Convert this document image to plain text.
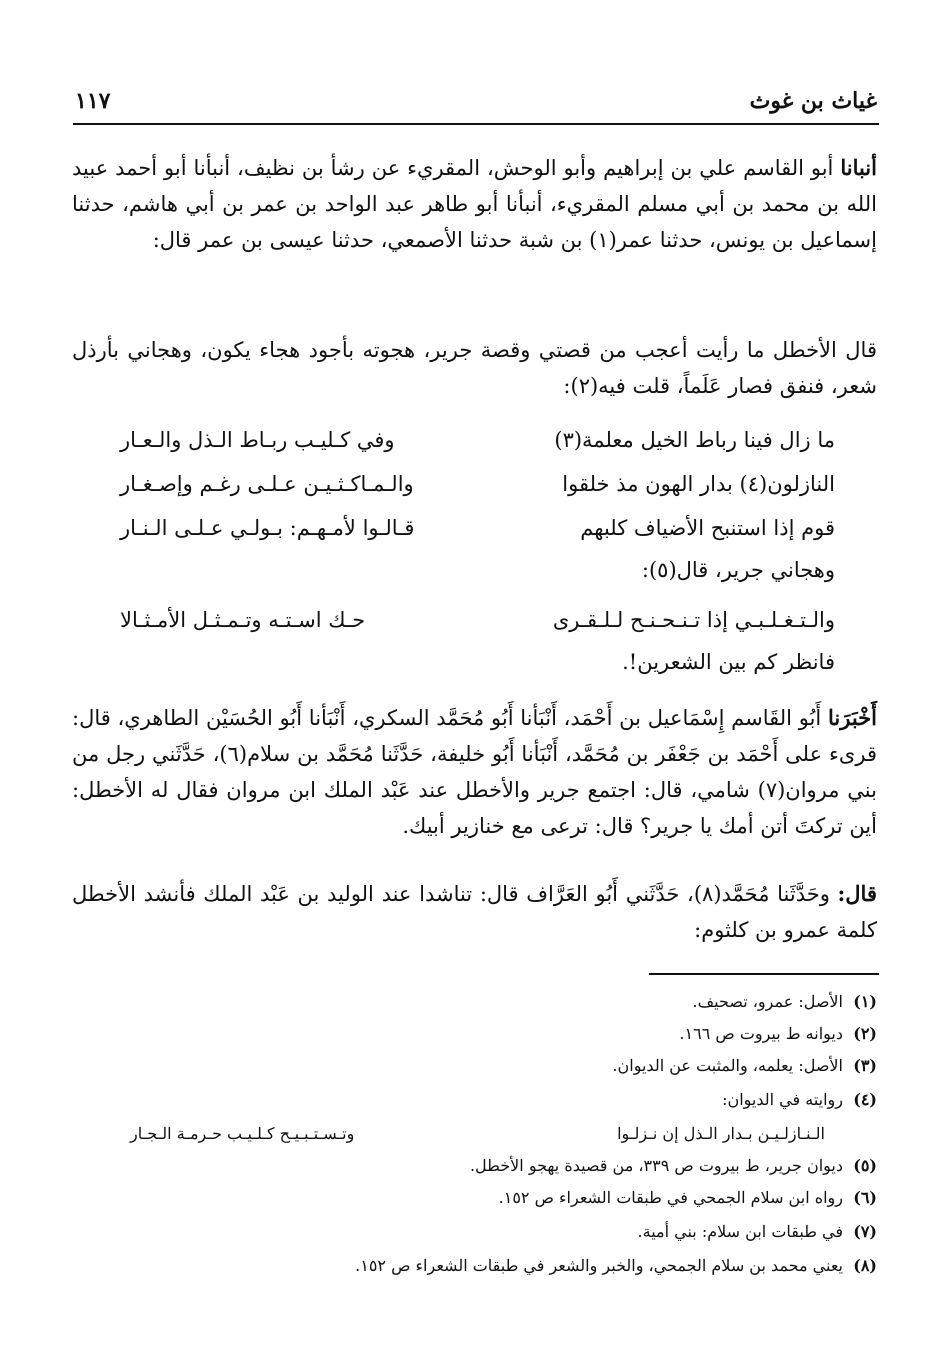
غياث بن غوث
١١٧

أنبانا أبو القاسم علي بن إبراهيم وأبو الوحش، المقريء عن رشأ بن نظيف، أنبأنا أبو أحمد عبيد الله بن محمد بن أبي مسلم المقريء، أنبأنا أبو طاهر عبد الواحد بن عمر بن أبي هاشم، حدثنا إسماعيل بن يونس، حدثنا عمر(١) بن شبة حدثنا الأصمعي، حدثنا عيسى بن عمر قال:

قال الأخطل ما رأيت أعجب من قصتي وقصة جرير، هجوته بأجود هجاء يكون، وهجاني بأرذل شعر، فنفق فصار عَلَماً، قلت فيه(٢):

ما زال فينا رباط الخيل معلمة(٣)
وفي كـليـب ربـاط الـذل والـعـار
النازلون(٤) بدار الهون مذ خلقوا
والـمـاكـثـيـن عـلـى رغـم وإصـغـار
قوم إذا استنبح الأضياف كلبهم
قـالـوا لأمـهـم: بـولـي عـلـى الـنـار
وهجاني جرير، قال(٥):
والـتـغـلـبـي إذا تـنـحـنـح لـلـقـرى
حـك اسـتـه وتـمـثـل الأمـثـالا
فانظر كم بين الشعرين!.

أَخْبَرَنا أَبُو القَاسم إِسْمَاعيل بن أَحْمَد، أَنْبَأنا أَبُو مُحَمَّد السكري، أَنْبَأنا أَبُو الحُسَيْن الطاهري، قال: قرىء على أَحْمَد بن جَعْفَر بن مُحَمَّد، أَنْبَأنا أَبُو خليفة، حَدَّثَنا مُحَمَّد بن سلام(٦)، حَدَّثَني رجل من بني مروان(٧) شامي، قال: اجتمع جرير والأخطل عند عَبْد الملك ابن مروان فقال له الأخطل: أين تركتَ أتن أمك يا جرير؟ قال: ترعى مع خنازير أبيك.

قال: وحَدَّثَنا مُحَمَّد(٨)، حَدَّثَني أَبُو العَرَّاف قال: تناشدا عند الوليد بن عَبْد الملك فأنشد الأخطل كلمة عمرو بن كلثوم:

(١)الأصل: عمرو، تصحيف.
(٢)ديوانه ط بيروت ص ١٦٦.
(٣)الأصل: يعلمه، والمثبت عن الديوان.
(٤)روايته في الديوان:
الـنـازلـيـن بـدار الـذل إن نـزلـوا
وتـسـتـبـيـح كـلـيـب حـرمـة الـجـار
(٥)ديوان جرير، ط بيروت ص ٣٣٩، من قصيدة يهجو الأخطل.
(٦)رواه ابن سلام الجمحي في طبقات الشعراء ص ١٥٢.
(٧)في طبقات ابن سلام: بني أمية.
(٨)يعني محمد بن سلام الجمحي، والخبر والشعر في طبقات الشعراء ص ١٥٢.
